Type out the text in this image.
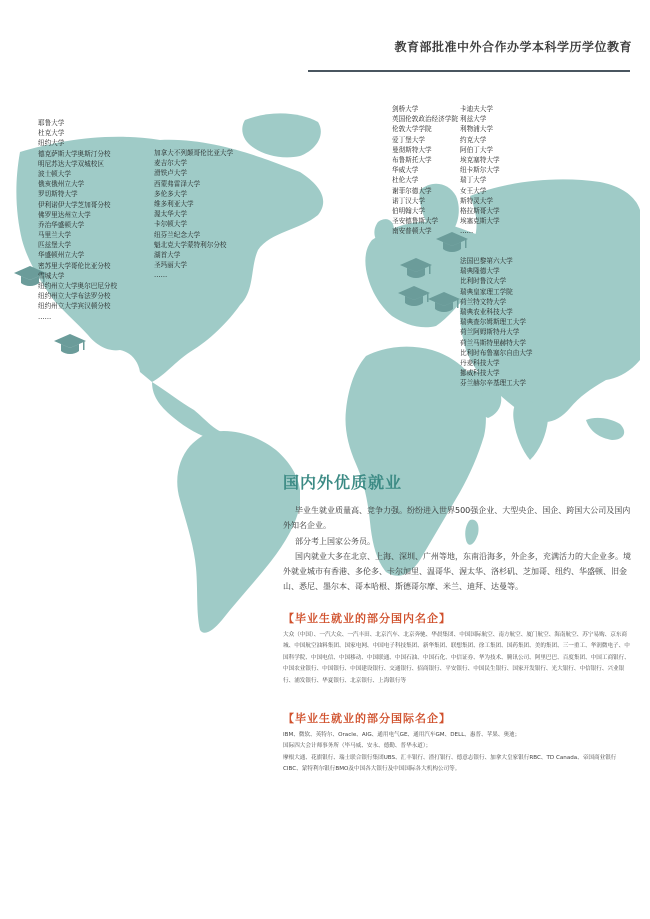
教育部批准中外合作办学本科学历学位教育
耶鲁大学
杜克大学
纽约大学
德克萨斯大学奥斯汀分校
明尼苏达大学双城校区
波士顿大学
俄亥俄州立大学
罗切斯特大学
伊利诺伊大学芝加哥分校
佛罗里达州立大学
乔治华盛顿大学
马里兰大学
匹兹堡大学
华盛顿州立大学
密苏里大学哥伦比亚分校
雪城大学
纽约州立大学奥尔巴尼分校
纽约州立大学布法罗分校
纽约州立大学宾汉顿分校
……
加拿大不列颠哥伦比亚大学
麦吉尔大学
滑铁卢大学
西蒙弗雷泽大学
多伦多大学
维多利亚大学
渥太华大学
卡尔顿大学
纽芬兰纪念大学
魁北克大学蒙特利尔分校
湖首大学
圣玛丽大学
……
剑桥大学
英国伦敦政治经济学院
伦敦大学学院
爱丁堡大学
曼彻斯特大学
布鲁斯托大学
华威大学
杜伦大学
谢菲尔德大学
诺丁汉大学
伯明翰大学
圣安德鲁斯大学
南安普顿大学
卡迪夫大学
利兹大学
利物浦大学
约克大学
阿伯丁大学
埃克塞特大学
纽卡斯尔大学
瑞丁大学
女王大学
斯特灵大学
格拉斯哥大学
埃塞克斯大学
……
法国巴黎第六大学
瑞典隆德大学
比利时鲁汶大学
瑞典皇家理工学院
荷兰特文特大学
瑞典农业科技大学
瑞典查尔姆斯理工大学
荷兰阿姆斯特丹大学
荷兰马斯特里赫特大学
比利时布鲁塞尔自由大学
丹麦科技大学
挪威科技大学
芬兰赫尔辛基理工大学
国内外优质就业
毕业生就业质量高、竞争力强。纷纷进入世界500强企业、大型央企、国企、跨国大公司及国内外知名企业。
部分考上国家公务员。
国内就业大多在北京、上海、深圳、广州等地，东南沿海多，外企多，充满活力的大企业多。境外就业城市有香港、多伦多、卡尔加里、温哥华、渥太华、洛杉矶、芝加哥、纽约、华盛顿、旧金山、悉尼、墨尔本、哥本哈根、斯德哥尔摩、米兰、迪拜、达曼等。
【毕业生就业的部分国内名企】
大众（中国）、一汽大众、一汽丰田、北京汽车、北京奔驰、华晨集团、中国国际航空、南方航空、厦门航空、海南航空、苏宁易购、京东商城、中国航空油料集团、国家电网、中国电子科技集团、新华集团、联想集团、徐工集团、国药集团、美的集团、三一重工、华润微电子、中国科学院、中国电信、中国移动、中国联通、中国石油、中国石化、中信证券、华为技术、腾讯公司、阿里巴巴、百度集团、中国工商银行、中国农业银行、中国银行、中国建设银行、交通银行、招商银行、平安银行、中国民生银行、国家开发银行、光大银行、中信银行、兴业银行、浦发银行、华夏银行、北京银行、上海银行等
【毕业生就业的部分国际名企】
IBM、微软、英特尔、Oracle、AIG、通用电气GE、通用汽车GM、DELL、惠普、苹果、奥迪；
国际四大会计师事务所（毕马威、安永、德勤、普华永道）；
摩根大通、花旗银行、瑞士联合银行集团UBS、汇丰银行、渣打银行、德意志银行、加拿大皇家银行RBC、TD Canada、帝国商业银行CIBC、蒙特利尔银行BMO及中国各大银行及中国国际各大机构公司等。
